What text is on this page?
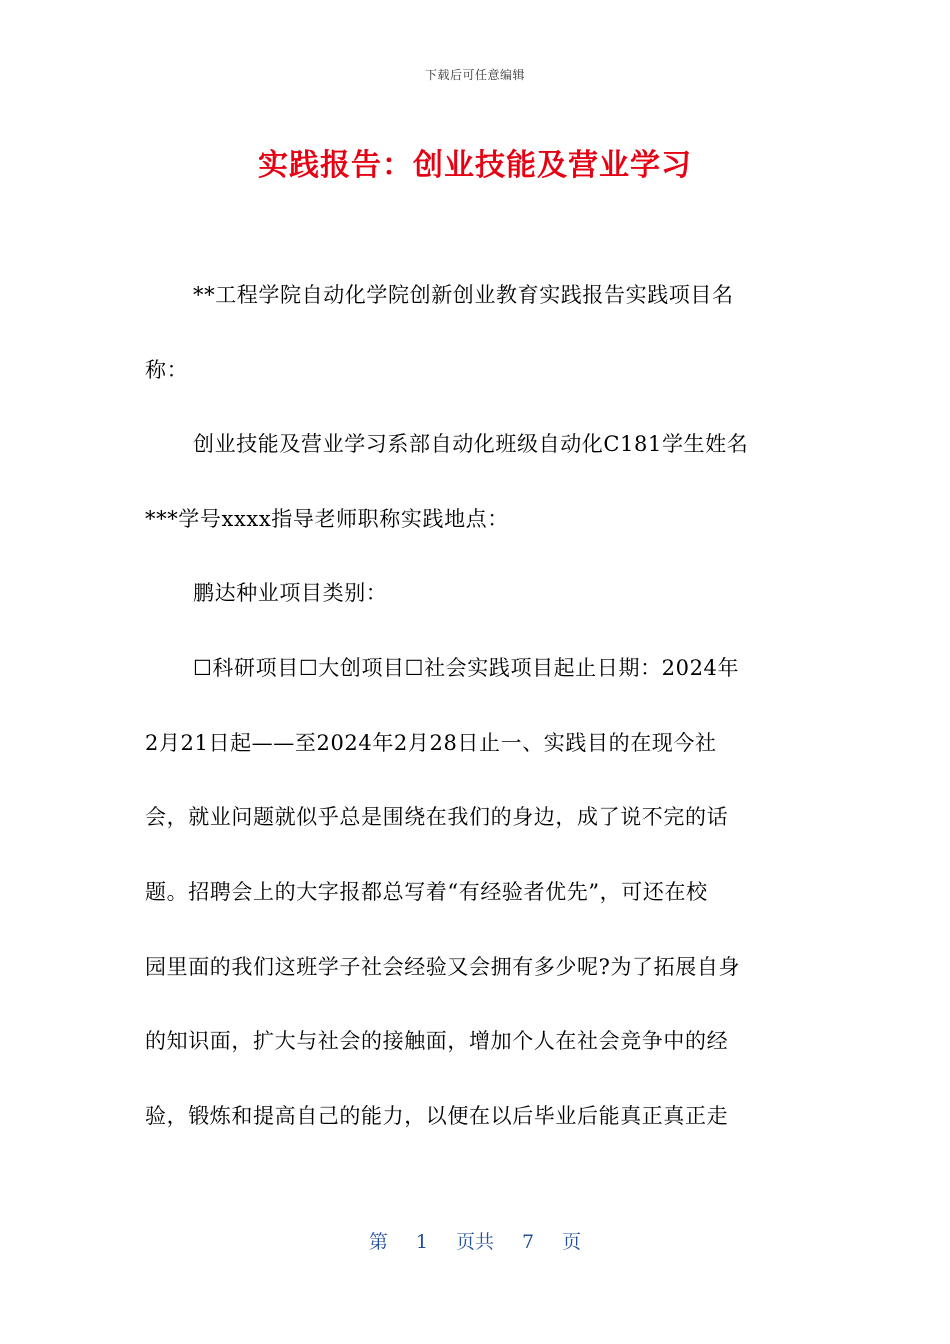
下载后可任意编辑
实践报告：创业技能及营业学习
**工程学院自动化学院创新创业教育实践报告实践项目名
称：
创业技能及营业学习系部自动化班级自动化C181学生姓名
***学号xxxx指导老师职称实践地点：
鹏达种业项目类别：
☐科研项目☐大创项目☐社会实践项目起止日期：2024年
2月21日起——至2024年2月28日止一、实践目的在现今社
会，就业问题就似乎总是围绕在我们的身边，成了说不完的话
题。招聘会上的大字报都总写着“有经验者优先”，可还在校
园里面的我们这班学子社会经验又会拥有多少呢?为了拓展自身
的知识面，扩大与社会的接触面，增加个人在社会竞争中的经
验，锻炼和提高自己的能力，以便在以后毕业后能真正真正走
第 1 页共 7 页
